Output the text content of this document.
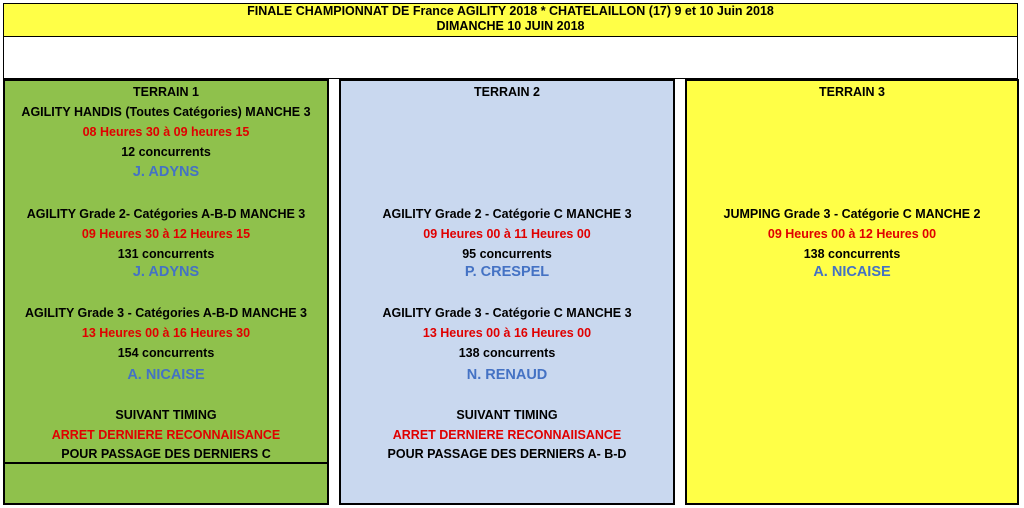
FINALE CHAMPIONNAT DE France AGILITY 2018 * CHATELAILLON (17) 9 et 10 Juin 2018
DIMANCHE 10 JUIN 2018
TERRAIN 1
AGILITY HANDIS (Toutes Catégories) MANCHE 3
08 Heures 30 à 09 heures 15
12 concurrents
J. ADYNS
AGILITY Grade 2- Catégories A-B-D MANCHE 3
09 Heures 30 à 12 Heures 15
131 concurrents
J. ADYNS
AGILITY Grade 3 - Catégories A-B-D MANCHE 3
13 Heures 00 à 16 Heures 30
154 concurrents
A. NICAISE
SUIVANT TIMING
ARRET DERNIERE RECONNAIISANCE
POUR PASSAGE DES DERNIERS C
TERRAIN 2
AGILITY Grade 2 - Catégorie C MANCHE 3
09 Heures 00 à 11 Heures 00
95 concurrents
P. CRESPEL
AGILITY Grade 3 - Catégorie C MANCHE 3
13 Heures 00 à 16 Heures 00
138 concurrents
N. RENAUD
SUIVANT TIMING
ARRET DERNIERE RECONNAIISANCE
POUR PASSAGE DES DERNIERS A- B-D
TERRAIN 3
JUMPING Grade 3 - Catégorie C MANCHE 2
09 Heures 00 à 12 Heures 00
138 concurrents
A. NICAISE
